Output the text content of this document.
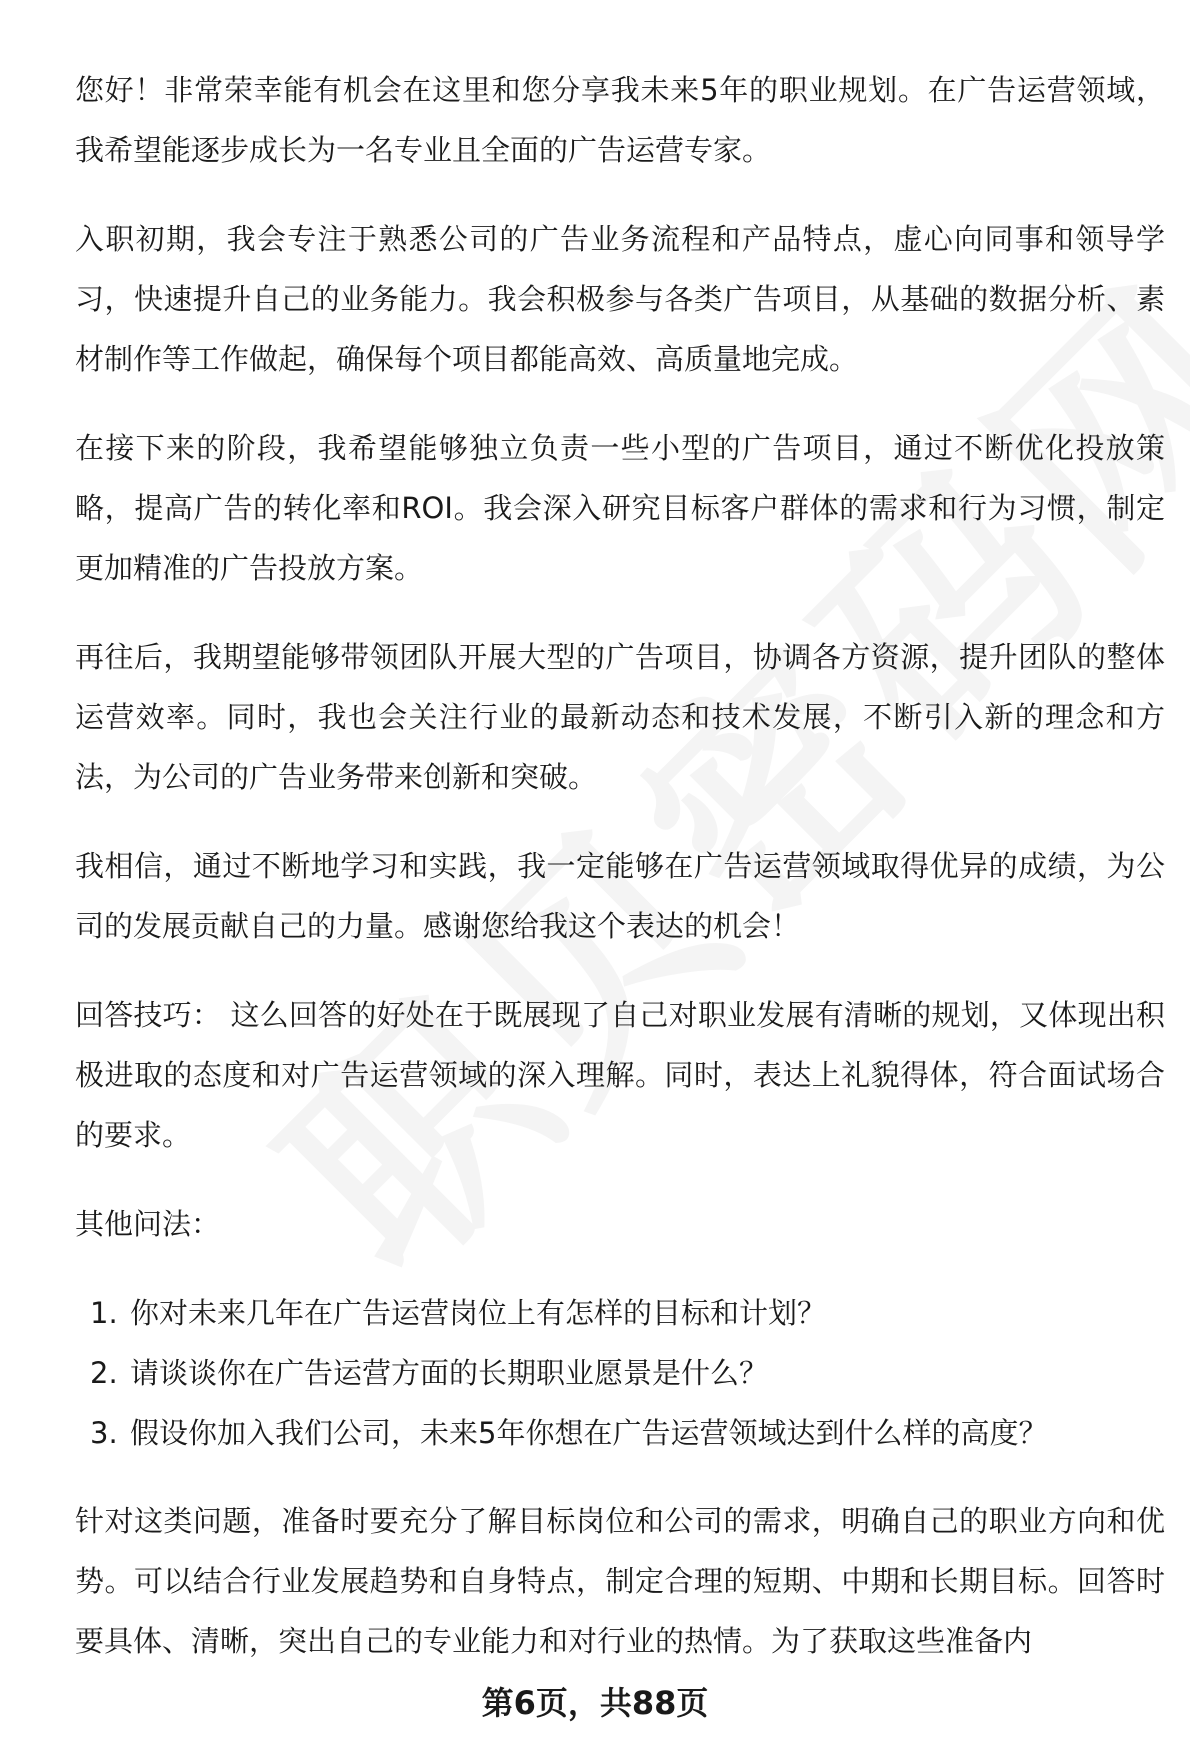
您好！非常荣幸能有机会在这里和您分享我未来5年的职业规划。在广告运营领域，我希望能逐步成长为一名专业且全面的广告运营专家。

入职初期，我会专注于熟悉公司的广告业务流程和产品特点，虚心向同事和领导学习，快速提升自己的业务能力。我会积极参与各类广告项目，从基础的数据分析、素材制作等工作做起，确保每个项目都能高效、高质量地完成。

在接下来的阶段，我希望能够独立负责一些小型的广告项目，通过不断优化投放策略，提高广告的转化率和ROI。我会深入研究目标客户群体的需求和行为习惯，制定更加精准的广告投放方案。

再往后，我期望能够带领团队开展大型的广告项目，协调各方资源，提升团队的整体运营效率。同时，我也会关注行业的最新动态和技术发展，不断引入新的理念和方法，为公司的广告业务带来创新和突破。

我相信，通过不断地学习和实践，我一定能够在广告运营领域取得优异的成绩，为公司的发展贡献自己的力量。感谢您给我这个表达的机会！

回答技巧： 这么回答的好处在于既展现了自己对职业发展有清晰的规划，又体现出积极进取的态度和对广告运营领域的深入理解。同时，表达上礼貌得体，符合面试场合的要求。

其他问法：

1. 你对未来几年在广告运营岗位上有怎样的目标和计划？
2. 请谈谈你在广告运营方面的长期职业愿景是什么？
3. 假设你加入我们公司，未来5年你想在广告运营领域达到什么样的高度？

针对这类问题，准备时要充分了解目标岗位和公司的需求，明确自己的职业方向和优势。可以结合行业发展趋势和自身特点，制定合理的短期、中期和长期目标。回答时要具体、清晰，突出自己的专业能力和对行业的热情。为了获取这些准备内

第6页，共88页
